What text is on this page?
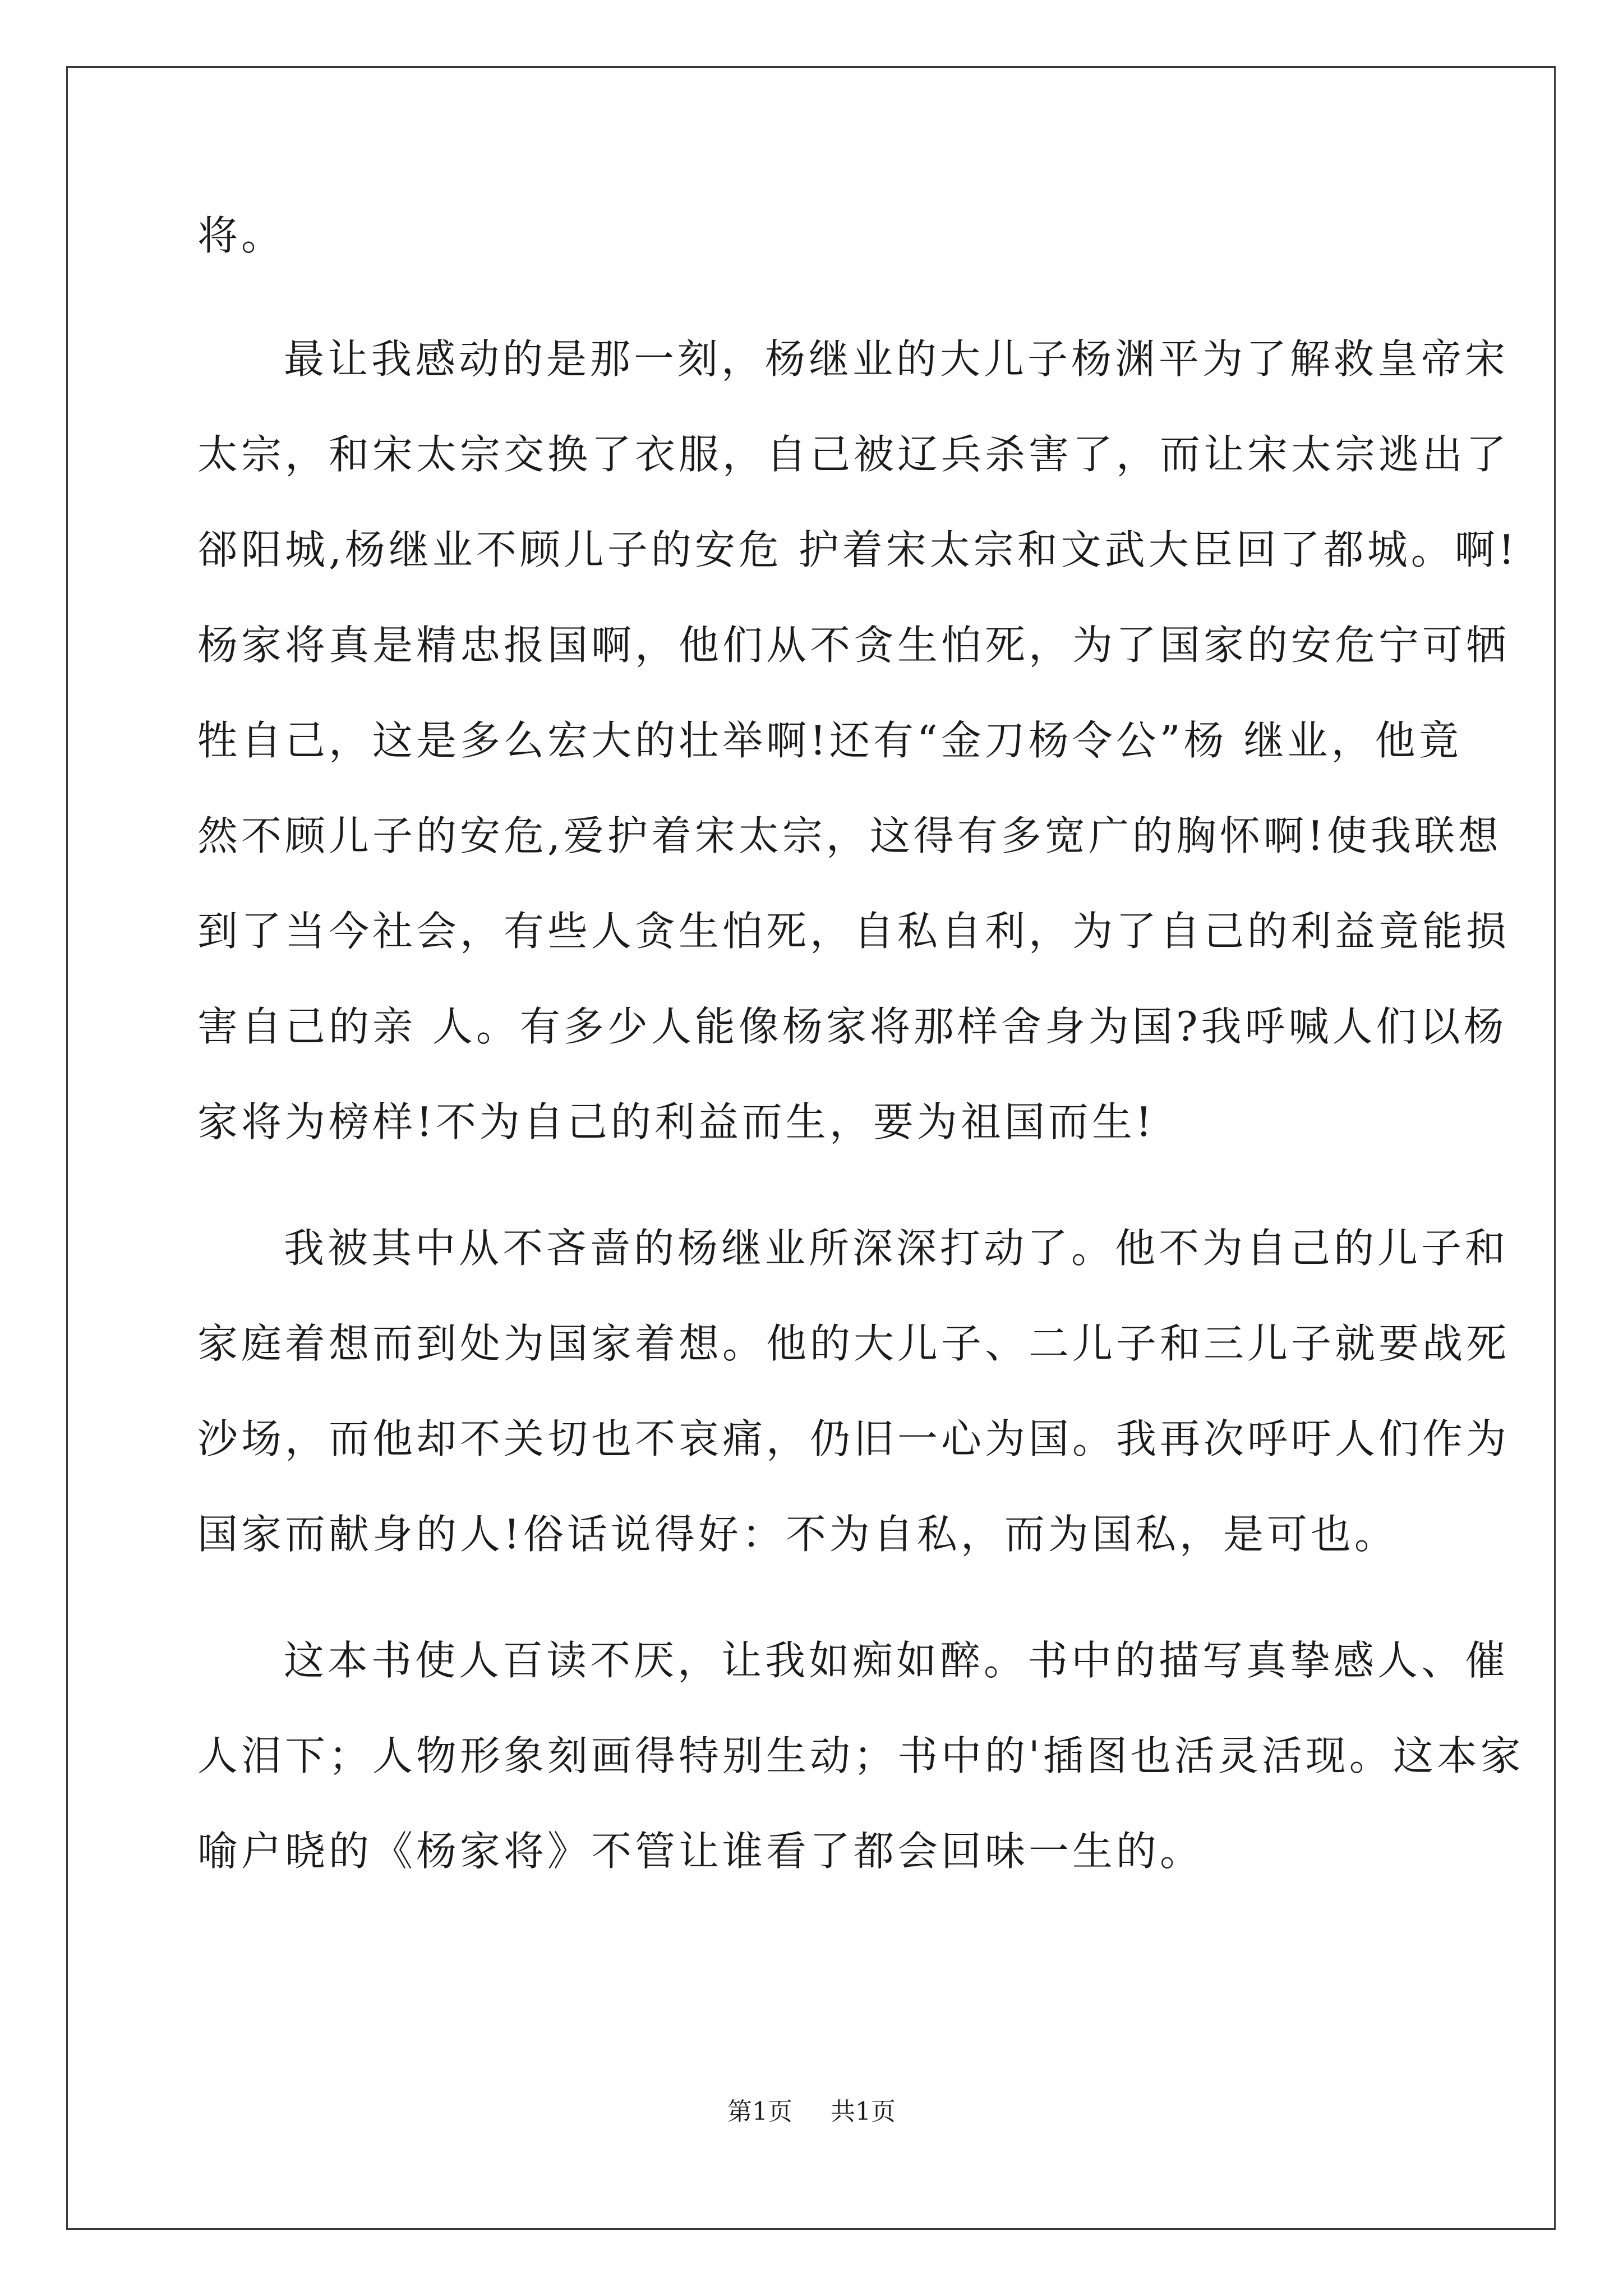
将。
最让我感动的是那一刻，杨继业的大儿子杨渊平为了解救皇帝宋
太宗，和宋太宗交换了衣服，自己被辽兵杀害了，而让宋太宗逃出了
郤阳城,杨继业不顾儿子的安危 护着宋太宗和文武大臣回了都城。啊!
杨家将真是精忠报国啊，他们从不贪生怕死，为了国家的安危宁可牺
牲自己，这是多么宏大的壮举啊!还有“金刀杨令公”杨 继业，他竟
然不顾儿子的安危,爱护着宋太宗，这得有多宽广的胸怀啊!使我联想
到了当今社会，有些人贪生怕死，自私自利，为了自己的利益竟能损
害自己的亲 人。有多少人能像杨家将那样舍身为国?我呼喊人们以杨
家将为榜样!不为自己的利益而生，要为祖国而生!
我被其中从不吝啬的杨继业所深深打动了。他不为自己的儿子和
家庭着想而到处为国家着想。他的大儿子、二儿子和三儿子就要战死
沙场，而他却不关切也不哀痛，仍旧一心为国。我再次呼吁人们作为
国家而献身的人!俗话说得好：不为自私，而为国私，是可也。
这本书使人百读不厌，让我如痴如醉。书中的描写真挚感人、催
人泪下；人物形象刻画得特别生动；书中的'插图也活灵活现。这本家
喻户晓的《杨家将》不管让谁看了都会回味一生的。
第1页 共1页
